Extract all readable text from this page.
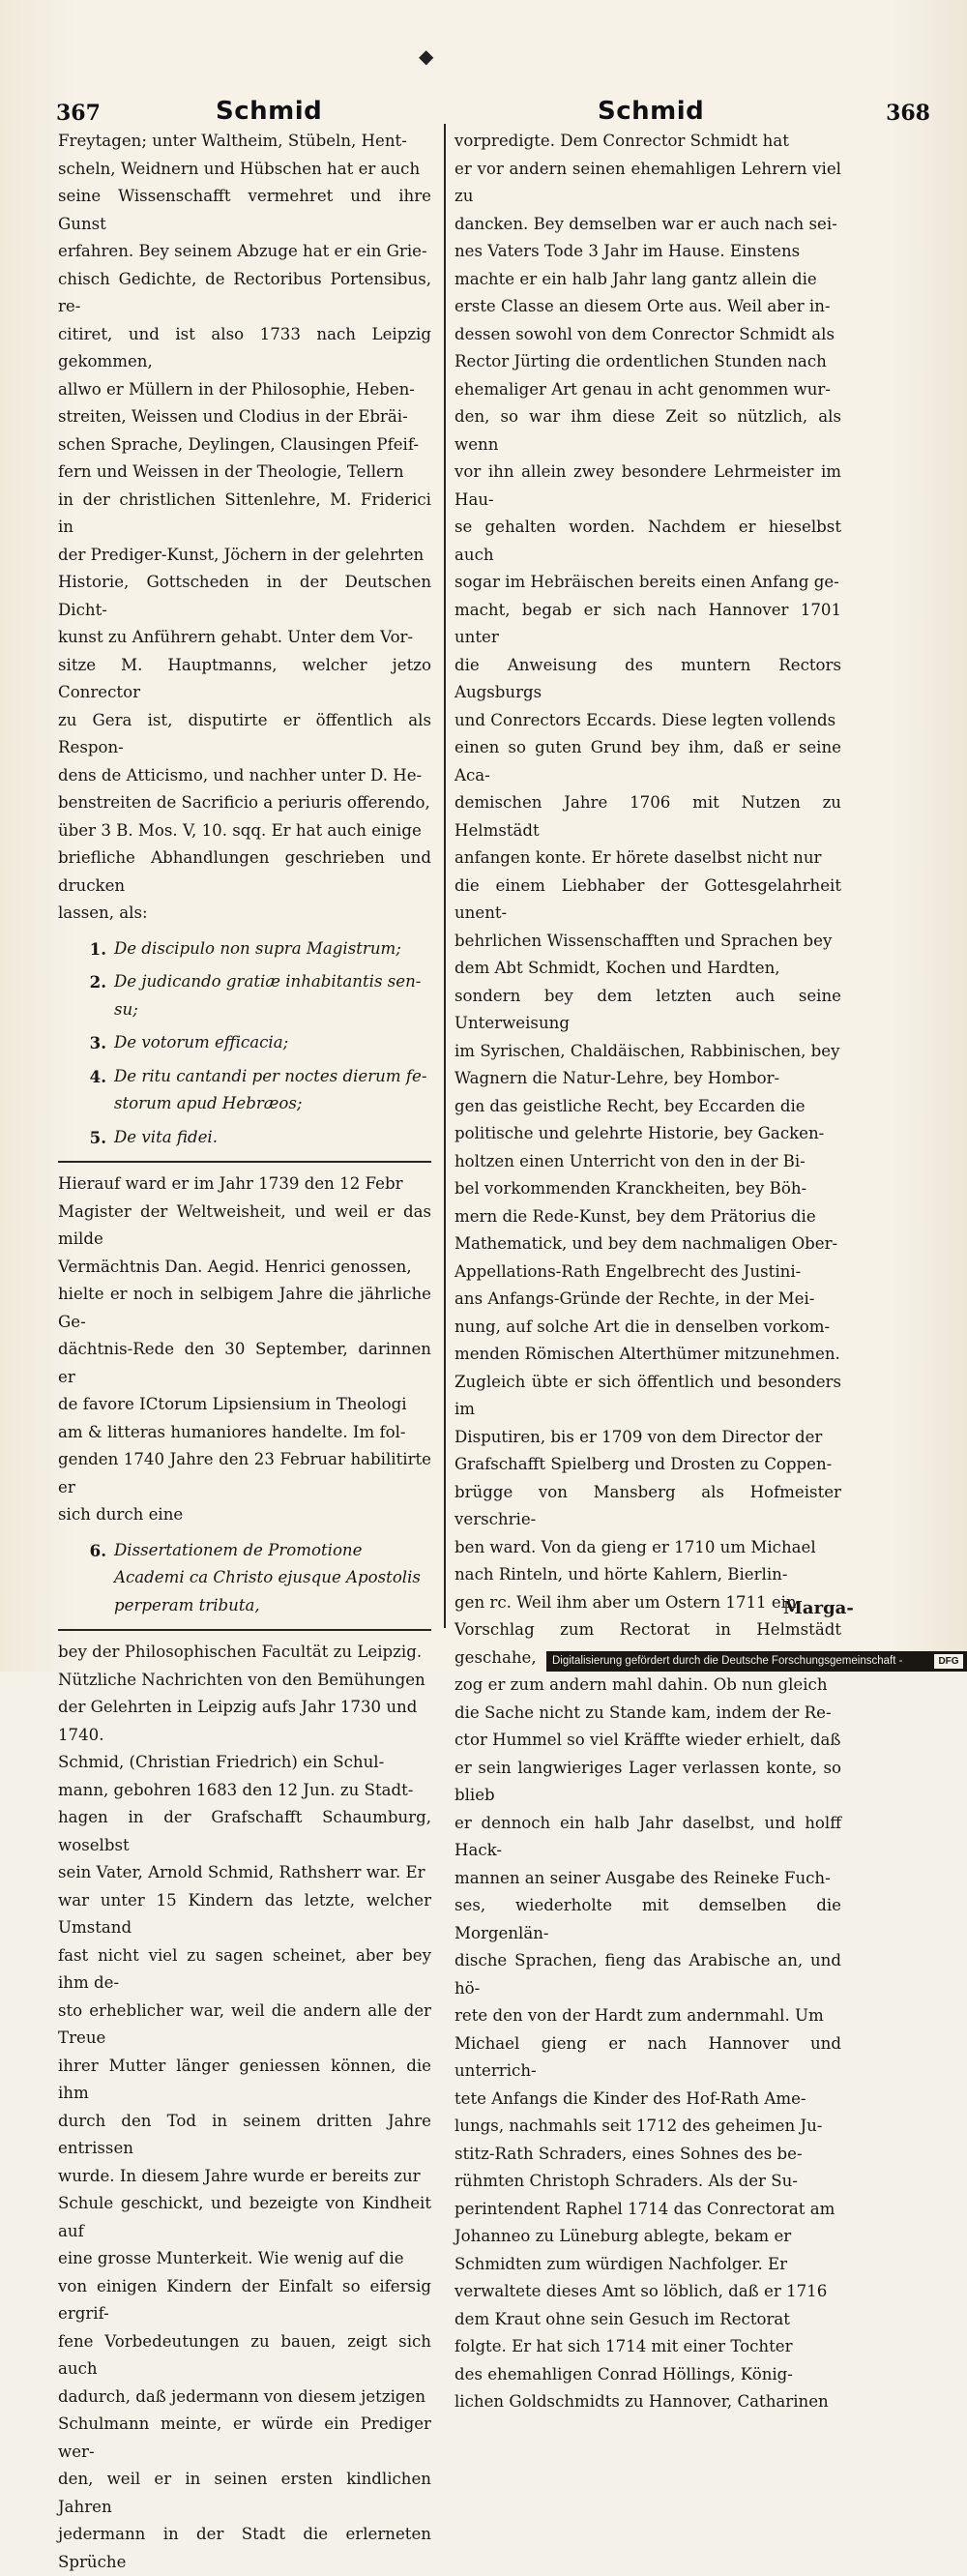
◆
367	Schmid	Schmid	368
Freytagen; unter Waltheim, Stübeln, Hent-
scheln, Weidnern und Hübschen hat er auch
seine Wissenschafft vermehret und ihre Gunst
erfahren. Bey seinem Abzuge hat er ein Grie-
chisch Gedichte, de Rectoribus Portensibus, re-
citiret, und ist also 1733 nach Leipzig gekommen,
allwo er Müllern in der Philosophie, Heben-
streiten, Weissen und Clodius in der Ebräi-
schen Sprache, Deylingen, Clausingen Pfeif-
fern und Weissen in der Theologie, Tellern
in der christlichen Sittenlehre, M. Friderici in
der Prediger-Kunst, Jöchern in der gelehrten
Historie, Gottscheden in der Deutschen Dicht-
kunst zu Anführern gehabt. Unter dem Vor-
sitze M. Hauptmanns, welcher jetzo Conrector
zu Gera ist, disputirte er öffentlich als Respon-
dens de Atticismo, und nachher unter D. He-
benstreiten de Sacrificio a periuris offerendo,
über 3 B. Mos. V, 10. sqq. Er hat auch einige
briefliche Abhandlungen geschrieben und drucken
lassen, als:
1. De discipulo non supra Magistrum;
2. De judicando gratiæ inhabitantis sen- su;
3. De votorum efficacia;
4. De ritu cantandi per noctes dierum fe- storum apud Hebræos;
5. De vita fidei.
Hierauf ward er im Jahr 1739 den 12 Febr
Magister der Weltweisheit, und weil er das milde
Vermächtnis Dan. Aegid. Henrici genossen,
hielte er noch in selbigem Jahre die jährliche Ge-
dächtnis-Rede den 30 September, darinnen er
de favore ICtorum Lipsiensium in Theologi
am & litteras humaniores handelte. Im fol-
genden 1740 Jahre den 23 Februar habilitirte er
sich durch eine
6. Dissertationem de Promotione Academi ca Christo ejusque Apostolis perperam tributa,
bey der Philosophischen Facultät zu Leipzig.
Nützliche Nachrichten von den Bemühungen
der Gelehrten in Leipzig aufs Jahr 1730 und
1740.
Schmid, (Christian Friedrich) ein Schul-
mann, gebohren 1683 den 12 Jun. zu Stadt-
hagen in der Grafschafft Schaumburg, woselbst
sein Vater, Arnold Schmid, Rathsherr war. Er
war unter 15 Kindern das letzte, welcher Umstand
fast nicht viel zu sagen scheinet, aber bey ihm de-
sto erheblicher war, weil die andern alle der Treue
ihrer Mutter länger geniessen können, die ihm
durch den Tod in seinem dritten Jahre entrissen
wurde. In diesem Jahre wurde er bereits zur
Schule geschickt, und bezeigte von Kindheit auf
eine grosse Munterkeit. Wie wenig auf die
von einigen Kindern der Einfalt so eifersig ergrif-
fene Vorbedeutungen zu bauen, zeigt sich auch
dadurch, daß jedermann von diesem jetzigen
Schulmann meinte, er würde ein Prediger wer-
den, weil er in seinen ersten kindlichen Jahren
jedermann in der Stadt die erlerneten Sprüche
vorpredigte. Dem Conrector Schmidt hat
er vor andern seinen ehemahligen Lehrern viel zu
dancken. Bey demselben war er auch nach sei-
nes Vaters Tode 3 Jahr im Hause. Einstens
machte er ein halb Jahr lang gantz allein die
erste Classe an diesem Orte aus. Weil aber in-
dessen sowohl von dem Conrector Schmidt als
Rector Jürting die ordentlichen Stunden nach
ehemaliger Art genau in acht genommen wur-
den, so war ihm diese Zeit so nützlich, als wenn
vor ihn allein zwey besondere Lehrmeister im Hau-
se gehalten worden. Nachdem er hieselbst auch
sogar im Hebräischen bereits einen Anfang ge-
macht, begab er sich nach Hannover 1701 unter
die Anweisung des muntern Rectors Augsburgs
und Conrectors Eccards. Diese legten vollends
einen so guten Grund bey ihm, daß er seine Aca-
demischen Jahre 1706 mit Nutzen zu Helmstädt
anfangen konte. Er hörete daselbst nicht nur
die einem Liebhaber der Gottesgelahrheit unent-
behrlichen Wissenschafften und Sprachen bey
dem Abt Schmidt, Kochen und Hardten,
sondern bey dem letzten auch seine Unterweisung
im Syrischen, Chaldäischen, Rabbinischen, bey
Wagnern die Natur-Lehre, bey Hombor-
gen das geistliche Recht, bey Eccarden die
politische und gelehrte Historie, bey Gacken-
holtzen einen Unterricht von den in der Bi-
bel vorkommenden Kranckheiten, bey Böh-
mern die Rede-Kunst, bey dem Prätorius die
Mathematick, und bey dem nachmaligen Ober-
Appellations-Rath Engelbrecht des Justini-
ans Anfangs-Gründe der Rechte, in der Mei-
nung, auf solche Art die in denselben vorkom-
menden Römischen Alterthümer mitzunehmen.
Zugleich übte er sich öffentlich und besonders im
Disputiren, bis er 1709 von dem Director der
Grafschafft Spielberg und Drosten zu Coppen-
brügge von Mansberg als Hofmeister verschrie-
ben ward. Von da gieng er 1710 um Michael
nach Rinteln, und hörte Kahlern, Bierlin-
gen rc. Weil ihm aber um Ostern 1711 ein
Vorschlag zum Rectorat in Helmstädt geschahe,
zog er zum andern mahl dahin. Ob nun gleich
die Sache nicht zu Stande kam, indem der Re-
ctor Hummel so viel Kräffte wieder erhielt, daß
er sein langwieriges Lager verlassen konte, so blieb
er dennoch ein halb Jahr daselbst, und holff Hack-
mannen an seiner Ausgabe des Reineke Fuch-
ses, wiederholte mit demselben die Morgenlän-
dische Sprachen, fieng das Arabische an, und hö-
rete den von der Hardt zum andernmahl. Um
Michael gieng er nach Hannover und unterrich-
tete Anfangs die Kinder des Hof-Rath Ame-
lungs, nachmahls seit 1712 des geheimen Ju-
stitz-Rath Schraders, eines Sohnes des be-
rühmten Christoph Schraders. Als der Su-
perintendent Raphel 1714 das Conrectorat am
Johanneo zu Lüneburg ablegte, bekam er
Schmidten zum würdigen Nachfolger. Er
verwaltete dieses Amt so löblich, daß er 1716
dem Kraut ohne sein Gesuch im Rectorat
folgte. Er hat sich 1714 mit einer Tochter
des ehemahligen Conrad Höllings, König-
lichen Goldschmidts zu Hannover, Catharinen
Marga-
Digitalisierung gefördert durch die Deutsche Forschungsgemeinschaft -	DFG
